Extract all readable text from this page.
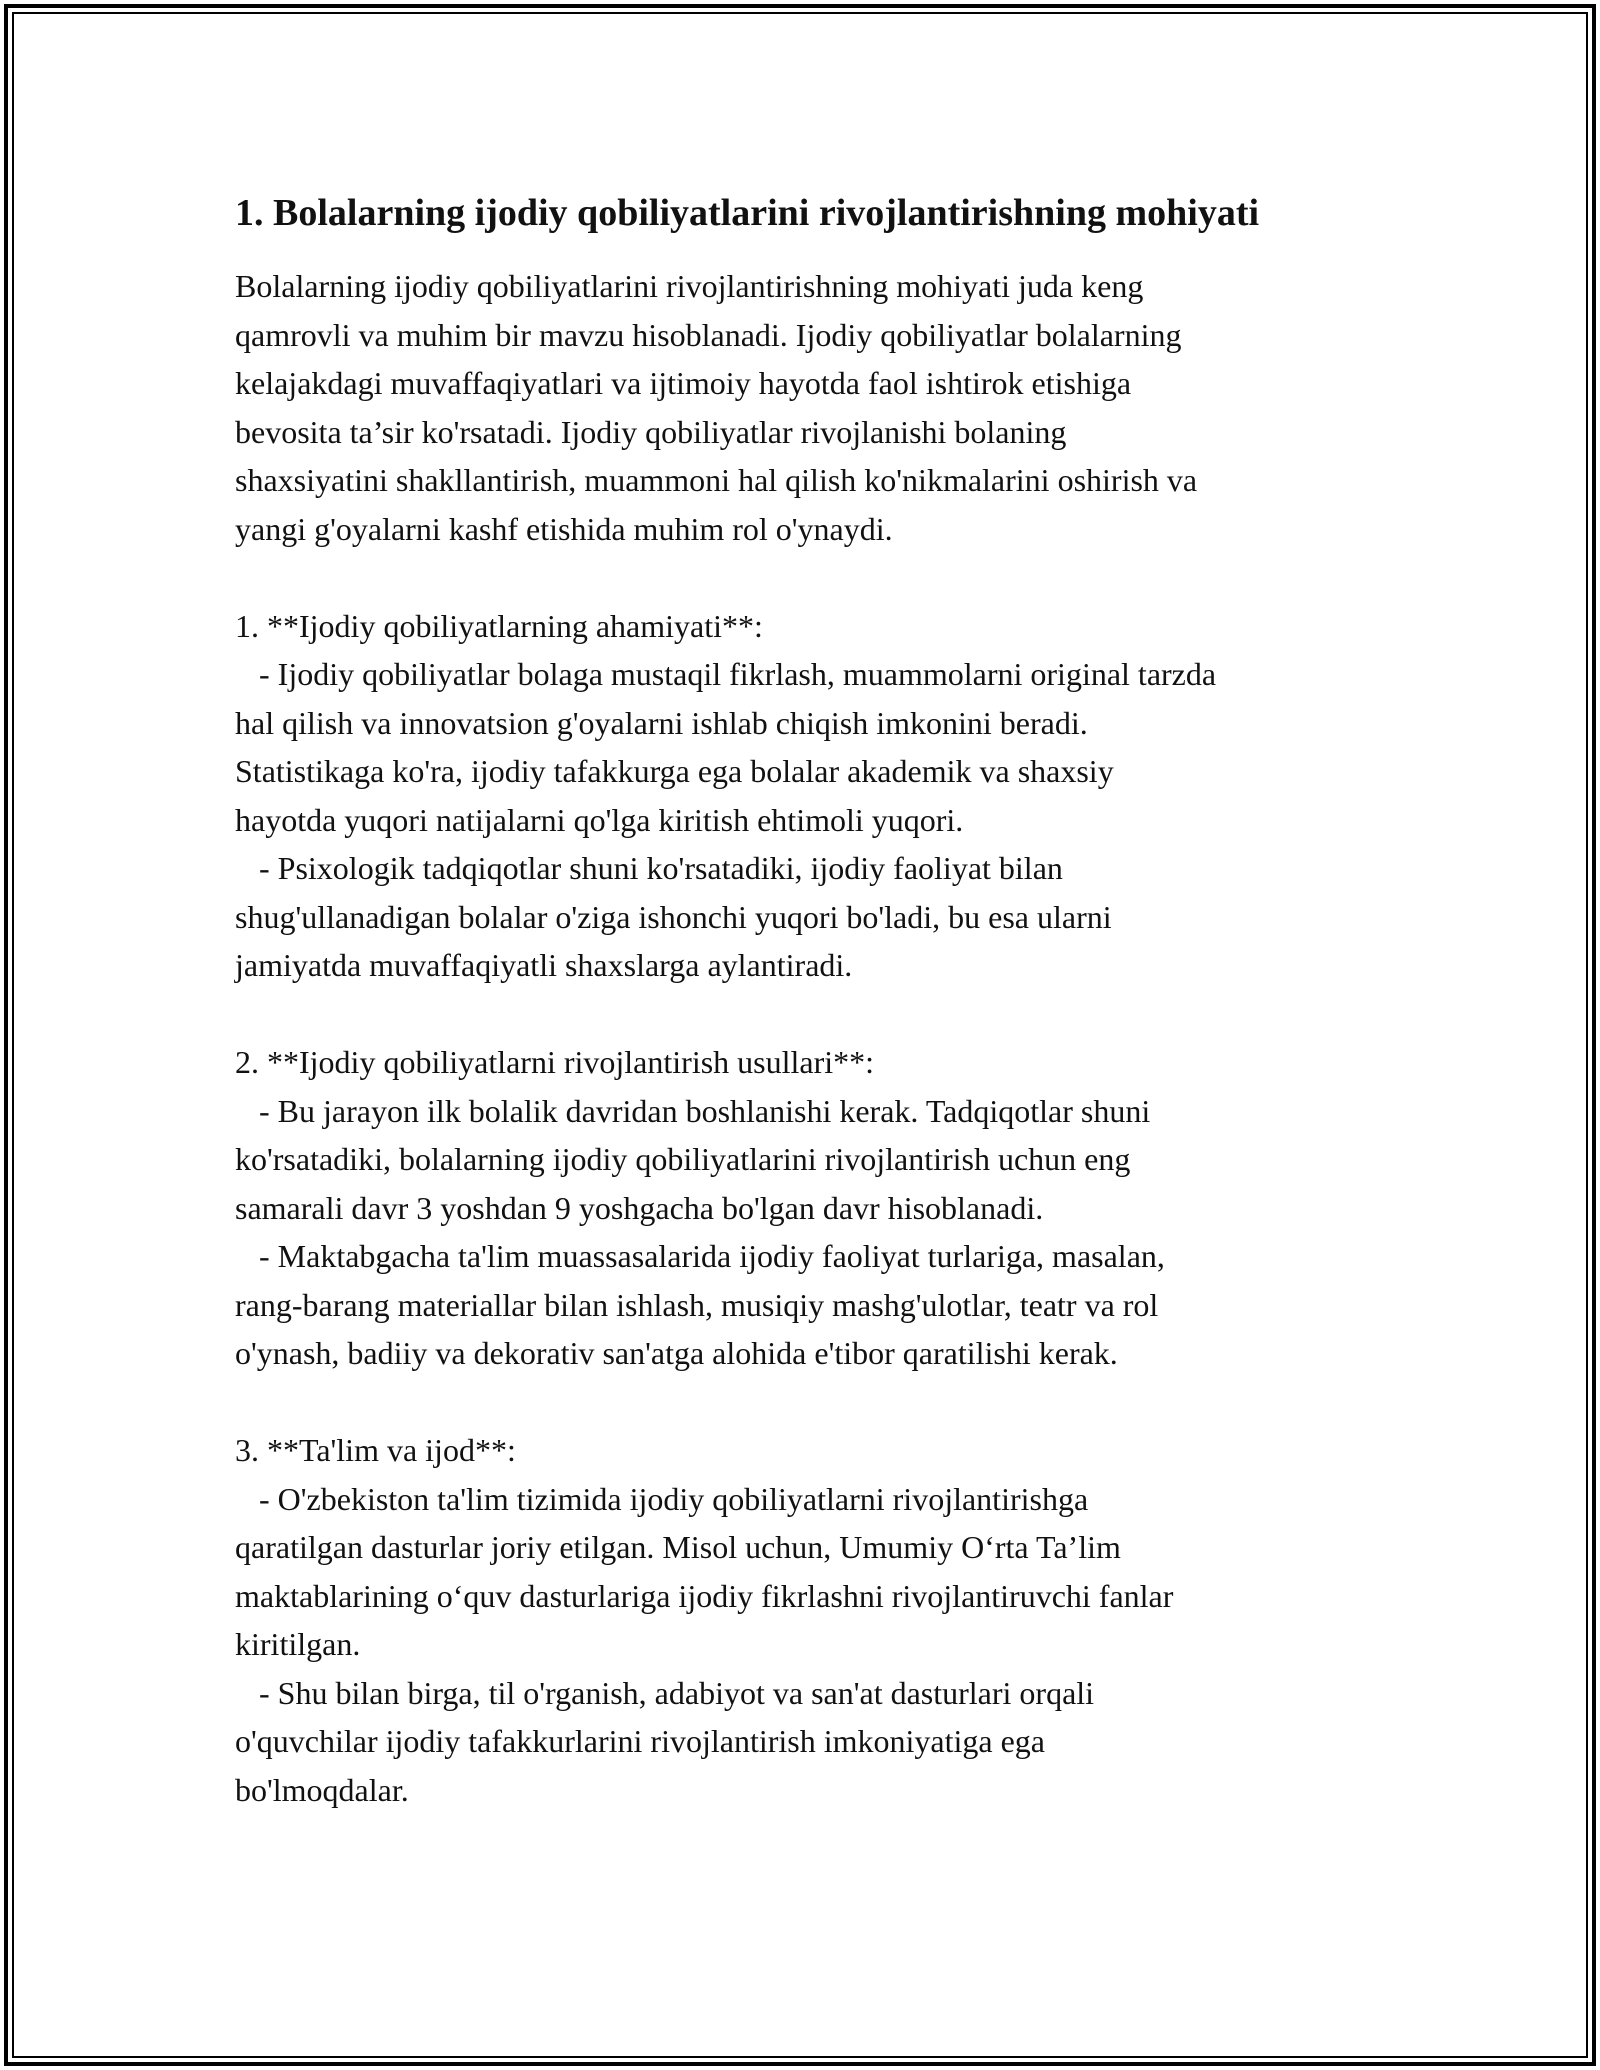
1. Bolalarning ijodiy qobiliyatlarini rivojlantirishning mohiyati

Bolalarning ijodiy qobiliyatlarini rivojlantirishning mohiyati juda keng
qamrovli va muhim bir mavzu hisoblanadi. Ijodiy qobiliyatlar bolalarning
kelajakdagi muvaffaqiyatlari va ijtimoiy hayotda faol ishtirok etishiga
bevosita ta’sir ko'rsatadi. Ijodiy qobiliyatlar rivojlanishi bolaning
shaxsiyatini shakllantirish, muammoni hal qilish ko'nikmalarini oshirish va
yangi g'oyalarni kashf etishida muhim rol o'ynaydi.

1. **Ijodiy qobiliyatlarning ahamiyati**:
- Ijodiy qobiliyatlar bolaga mustaqil fikrlash, muammolarni original tarzda
hal qilish va innovatsion g'oyalarni ishlab chiqish imkonini beradi.
Statistikaga ko'ra, ijodiy tafakkurga ega bolalar akademik va shaxsiy
hayotda yuqori natijalarni qo'lga kiritish ehtimoli yuqori.
- Psixologik tadqiqotlar shuni ko'rsatadiki, ijodiy faoliyat bilan
shug'ullanadigan bolalar o'ziga ishonchi yuqori bo'ladi, bu esa ularni
jamiyatda muvaffaqiyatli shaxslarga aylantiradi.

2. **Ijodiy qobiliyatlarni rivojlantirish usullari**:
- Bu jarayon ilk bolalik davridan boshlanishi kerak. Tadqiqotlar shuni
ko'rsatadiki, bolalarning ijodiy qobiliyatlarini rivojlantirish uchun eng
samarali davr 3 yoshdan 9 yoshgacha bo'lgan davr hisoblanadi.
- Maktabgacha ta'lim muassasalarida ijodiy faoliyat turlariga, masalan,
rang-barang materiallar bilan ishlash, musiqiy mashg'ulotlar, teatr va rol
o'ynash, badiiy va dekorativ san'atga alohida e'tibor qaratilishi kerak.

3. **Ta'lim va ijod**:
- O'zbekiston ta'lim tizimida ijodiy qobiliyatlarni rivojlantirishga
qaratilgan dasturlar joriy etilgan. Misol uchun, Umumiy O‘rta Ta’lim
maktablarining o‘quv dasturlariga ijodiy fikrlashni rivojlantiruvchi fanlar
kiritilgan.
- Shu bilan birga, til o'rganish, adabiyot va san'at dasturlari orqali
o'quvchilar ijodiy tafakkurlarini rivojlantirish imkoniyatiga ega
bo'lmoqdalar.
